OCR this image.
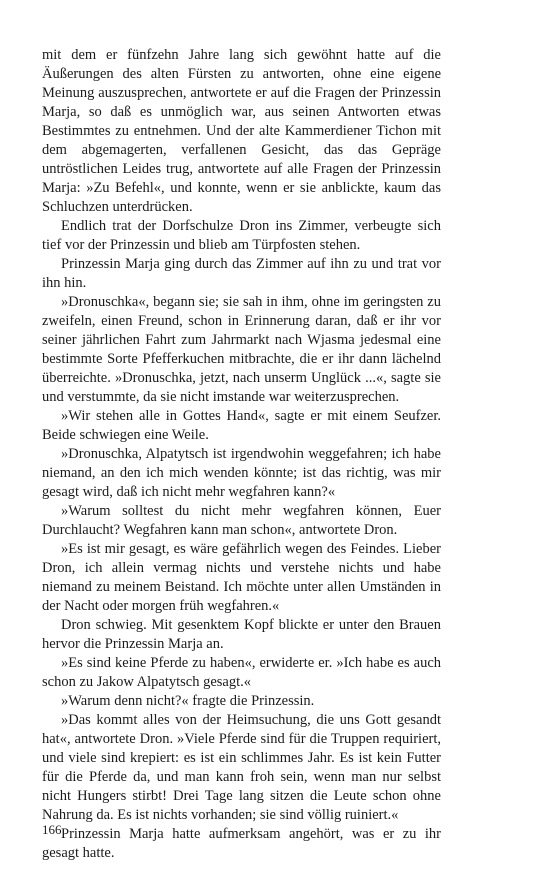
mit dem er fünfzehn Jahre lang sich gewöhnt hatte auf die Äußerungen des alten Fürsten zu antworten, ohne eine eigene Meinung auszusprechen, antwortete er auf die Fragen der Prinzessin Marja, so daß es unmöglich war, aus seinen Antworten etwas Bestimmtes zu entnehmen. Und der alte Kammerdiener Tichon mit dem abgemagerten, verfallenen Gesicht, das das Gepräge untröstlichen Leides trug, antwortete auf alle Fragen der Prinzessin Marja: »Zu Befehl«, und konnte, wenn er sie anblickte, kaum das Schluchzen unterdrücken.

Endlich trat der Dorfschulze Dron ins Zimmer, verbeugte sich tief vor der Prinzessin und blieb am Türpfosten stehen.

Prinzessin Marja ging durch das Zimmer auf ihn zu und trat vor ihn hin.

»Dronuschka«, begann sie; sie sah in ihm, ohne im geringsten zu zweifeln, einen Freund, schon in Erinnerung daran, daß er ihr vor seiner jährlichen Fahrt zum Jahrmarkt nach Wjasma jedesmal eine bestimmte Sorte Pfefferkuchen mitbrachte, die er ihr dann lächelnd überreichte. »Dronuschka, jetzt, nach unserm Unglück ...«, sagte sie und verstummte, da sie nicht imstande war weiterzusprechen.

»Wir stehen alle in Gottes Hand«, sagte er mit einem Seufzer. Beide schwiegen eine Weile.

»Dronuschka, Alpatytsch ist irgendwohin weggefahren; ich habe niemand, an den ich mich wenden könnte; ist das richtig, was mir gesagt wird, daß ich nicht mehr wegfahren kann?«

»Warum solltest du nicht mehr wegfahren können, Euer Durchlaucht? Wegfahren kann man schon«, antwortete Dron.

»Es ist mir gesagt, es wäre gefährlich wegen des Feindes. Lieber Dron, ich allein vermag nichts und verstehe nichts und habe niemand zu meinem Beistand. Ich möchte unter allen Umständen in der Nacht oder morgen früh wegfahren.«

Dron schwieg. Mit gesenktem Kopf blickte er unter den Brauen hervor die Prinzessin Marja an.

»Es sind keine Pferde zu haben«, erwiderte er. »Ich habe es auch schon zu Jakow Alpatytsch gesagt.«

»Warum denn nicht?« fragte die Prinzessin.

»Das kommt alles von der Heimsuchung, die uns Gott gesandt hat«, antwortete Dron. »Viele Pferde sind für die Truppen requiriert, und viele sind krepiert: es ist ein schlimmes Jahr. Es ist kein Futter für die Pferde da, und man kann froh sein, wenn man nur selbst nicht Hungers stirbt! Drei Tage lang sitzen die Leute schon ohne Nahrung da. Es ist nichts vorhanden; sie sind völlig ruiniert.«

Prinzessin Marja hatte aufmerksam angehört, was er zu ihr gesagt hatte.

166
